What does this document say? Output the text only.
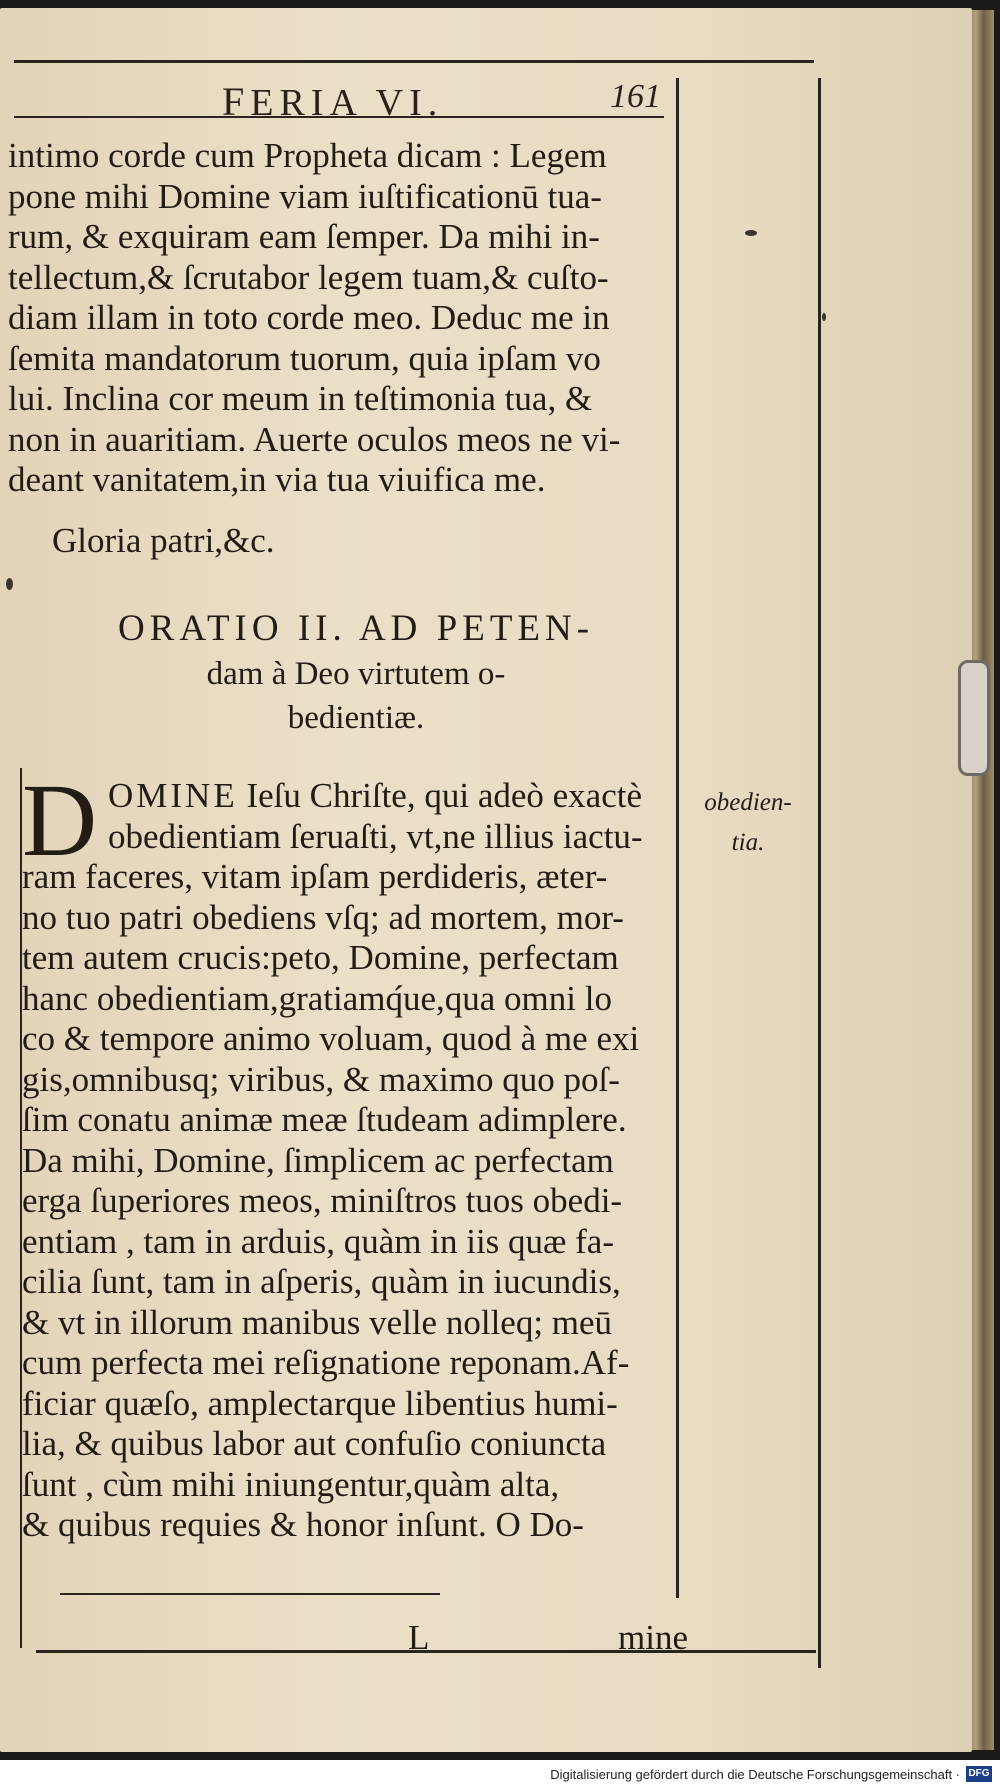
FERIA VI.	161
intimo corde cum Propheta dicam : Legem
pone mihi Domine viam iuſtificationū tua-
rum, & exquiram eam ſemper. Da mihi in-
tellectum,& ſcrutabor legem tuam,& cuſto-
diam illam in toto corde meo. Deduc me in
ſemita mandatorum tuorum, quia ipſam vo
lui. Inclina cor meum in teſtimonia tua, &
non in auaritiam. Auerte oculos meos ne vi-
deant vanitatem,in via tua viuifica me.
Gloria patri,&c.
ORATIO II. AD PETEN-
dam à Deo virtutem o-
bedientiæ.
D OMINE Ieſu Chriſte, qui adeò exactè
obedientiam ſeruaſti, vt,ne illius iactu-
ram faceres, vitam ipſam perdideris, æter-
no tuo patri obediens vſq; ad mortem, mor-
tem autem crucis:peto, Domine, perfectam
hanc obedientiam,gratiamq́ue,qua omni lo
co & tempore animo voluam, quod à me exi
gis,omnibusq; viribus, & maximo quo poſ-
ſim conatu animæ meæ ſtudeam adimplere.
Da mihi, Domine, ſimplicem ac perfectam
erga ſuperiores meos, miniſtros tuos obedi-
entiam , tam in arduis, quàm in iis quæ fa-
cilia ſunt, tam in aſperis, quàm in iucundis,
& vt in illorum manibus velle nolleq; meū
cum perfecta mei reſignatione reponam.Af-
ficiar quæſo, amplectarque libentius humi-
lia, & quibus labor aut confuſio coniuncta
ſunt , cùm mihi iniungentur,quàm alta,
& quibus requies & honor inſunt. O Do-
obedien-
tia.
L	mine
Digitalisierung gefördert durch die Deutsche Forschungsgemeinschaft · DFG
